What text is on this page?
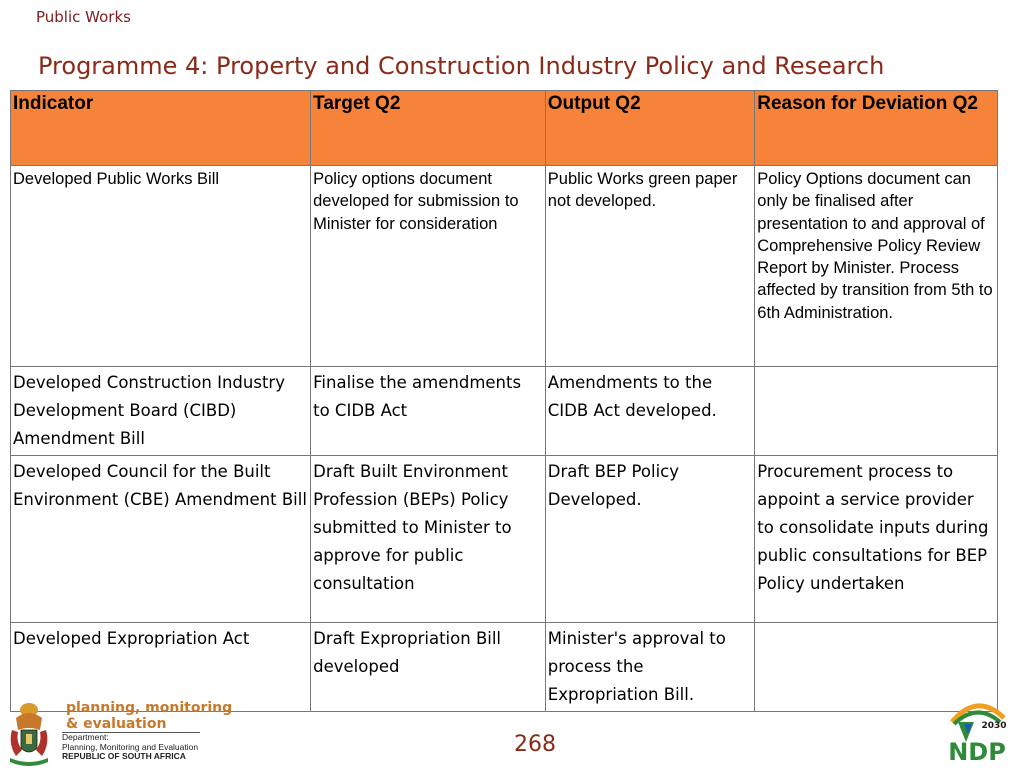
Public Works
Programme 4: Property and Construction Industry Policy and Research
Indicator	Target Q2	Output Q2	Reason for Deviation Q2
Developed Public Works Bill	Policy options document developed for submission to Minister for consideration	Public Works green paper not developed.	Policy Options document can only be finalised after presentation to and approval of Comprehensive Policy Review Report by Minister. Process affected by transition from 5th to 6th Administration.
Developed Construction Industry Development Board (CIBD) Amendment Bill	Finalise the amendments to CIDB Act	Amendments to the CIDB Act developed.	
Developed Council for the Built Environment (CBE) Amendment Bill	Draft Built Environment Profession (BEPs) Policy submitted to Minister to approve for public consultation	Draft BEP Policy Developed.	Procurement process to appoint a service provider to consolidate inputs during public consultations for BEP Policy undertaken
Developed Expropriation Act	Draft Expropriation Bill developed	Minister's approval to process the Expropriation Bill.	
planning, monitoring
& evaluation
Department:
Planning, Monitoring and Evaluation
REPUBLIC OF SOUTH AFRICA	268
2030
NDP
